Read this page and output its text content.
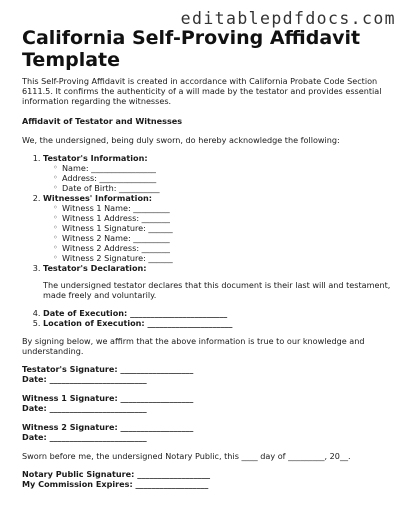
editablepdfdocs.com
California Self-Proving Affidavit Template

This Self-Proving Affidavit is created in accordance with California Probate Code Section 6111.5. It confirms the authenticity of a will made by the testator and provides essential information regarding the witnesses.

Affidavit of Testator and Witnesses

We, the undersigned, being duly sworn, do hereby acknowledge the following:

1. Testator's Information:
◦ Name: ________________
◦ Address: ______________
◦ Date of Birth: __________
2. Witnesses' Information:
◦ Witness 1 Name: _________
◦ Witness 1 Address: _______
◦ Witness 1 Signature: ______
◦ Witness 2 Name: _________
◦ Witness 2 Address: _______
◦ Witness 2 Signature: ______
3. Testator's Declaration:

The undersigned testator declares that this document is their last will and testament, made freely and voluntarily.

4. Date of Execution: ________________________
5. Location of Execution: _____________________

By signing below, we affirm that the above information is true to our knowledge and understanding.

Testator's Signature: __________________

Date: ________________________

Witness 1 Signature: __________________

Date: ________________________

Witness 2 Signature: __________________

Date: ________________________

Sworn before me, the undersigned Notary Public, this ____ day of _________, 20__.

Notary Public Signature: __________________

My Commission Expires: __________________
